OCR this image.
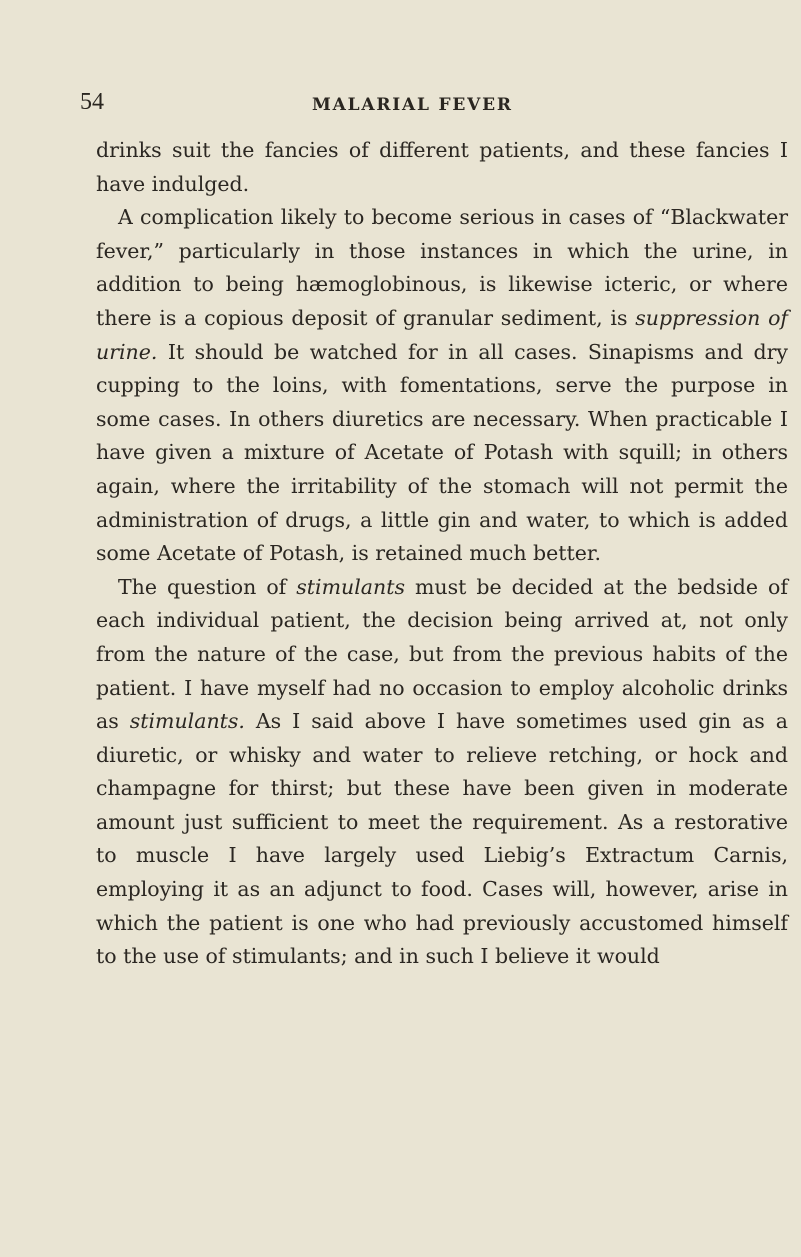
54	MALARIAL FEVER

drinks suit the fancies of different patients, and these fancies I have indulged.

A complication likely to become serious in cases of “Blackwater fever,” particularly in those instances in which the urine, in addition to being hæmoglobinous, is likewise icteric, or where there is a copious deposit of granular sediment, is suppression of urine. It should be watched for in all cases. Sinapisms and dry cupping to the loins, with fomentations, serve the purpose in some cases. In others diuretics are necessary. When practicable I have given a mixture of Acetate of Potash with squill; in others again, where the irritability of the stomach will not permit the administration of drugs, a little gin and water, to which is added some Acetate of Potash, is retained much better.

The question of stimulants must be decided at the bedside of each individual patient, the decision being arrived at, not only from the nature of the case, but from the previous habits of the patient. I have myself had no occasion to employ alcoholic drinks as stimulants. As I said above I have sometimes used gin as a diuretic, or whisky and water to relieve retching, or hock and champagne for thirst; but these have been given in moderate amount just sufficient to meet the requirement. As a restorative to muscle I have largely used Liebig’s Extractum Carnis, employing it as an adjunct to food. Cases will, however, arise in which the patient is one who had previously accustomed himself to the use of stimulants; and in such I believe it would
